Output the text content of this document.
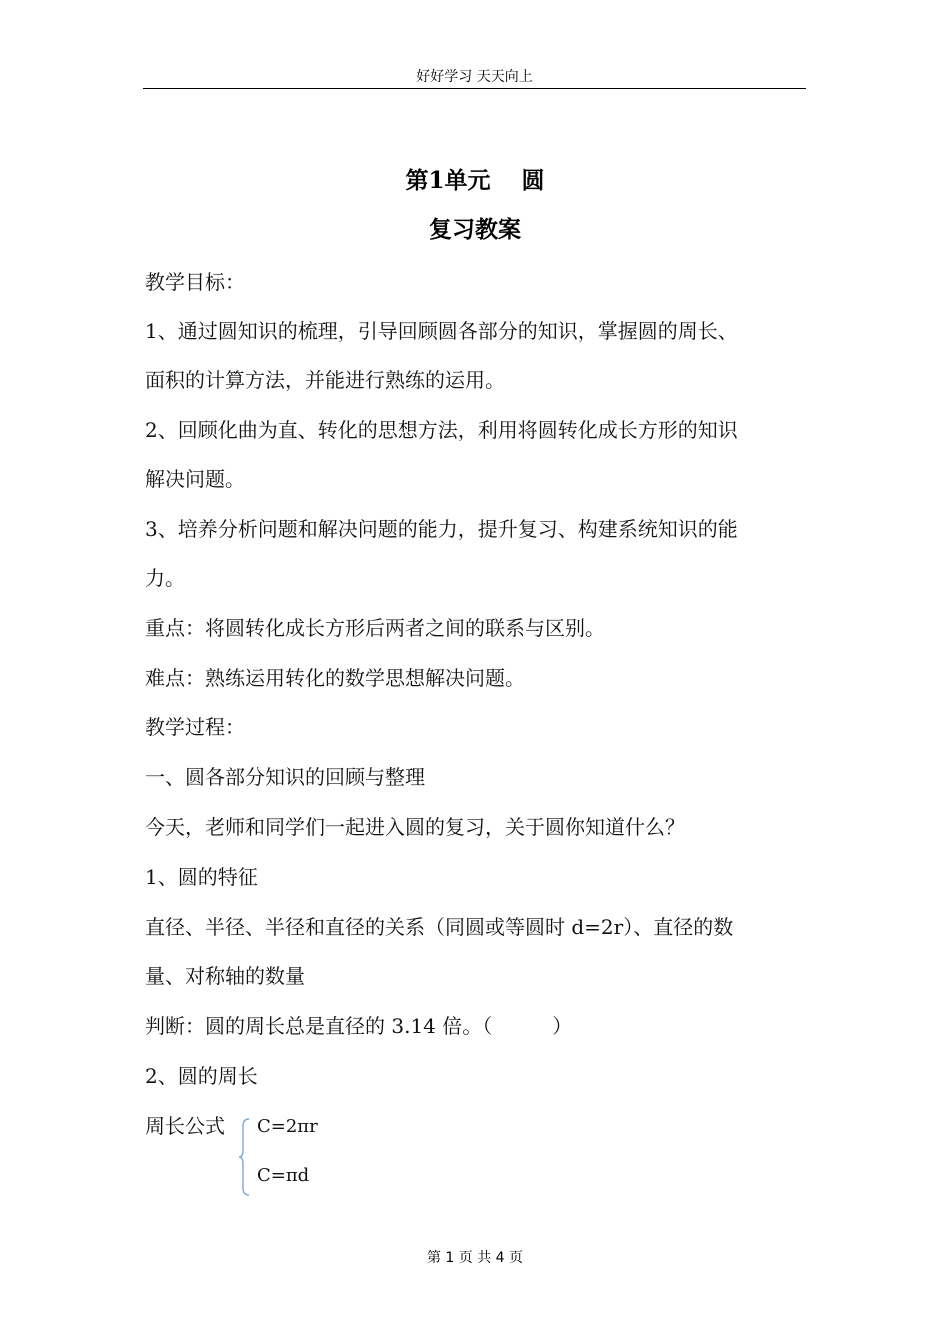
好好学习 天天向上
第1单元　 圆
复习教案
教学目标：
1、通过圆知识的梳理，引导回顾圆各部分的知识，掌握圆的周长、
面积的计算方法，并能进行熟练的运用。
2、回顾化曲为直、转化的思想方法，利用将圆转化成长方形的知识
解决问题。
3、培养分析问题和解决问题的能力，提升复习、构建系统知识的能
力。
重点：将圆转化成长方形后两者之间的联系与区别。
难点：熟练运用转化的数学思想解决问题。
教学过程：
一、圆各部分知识的回顾与整理
今天，老师和同学们一起进入圆的复习，关于圆你知道什么？
1、圆的特征
直径、半径、半径和直径的关系（同圆或等圆时 d=2r）、直径的数
量、对称轴的数量
判断：圆的周长总是直径的 3.14 倍。（　　　）
2、圆的周长
周长公式 C=2πr
C=πd
第 1 页 共 4 页
